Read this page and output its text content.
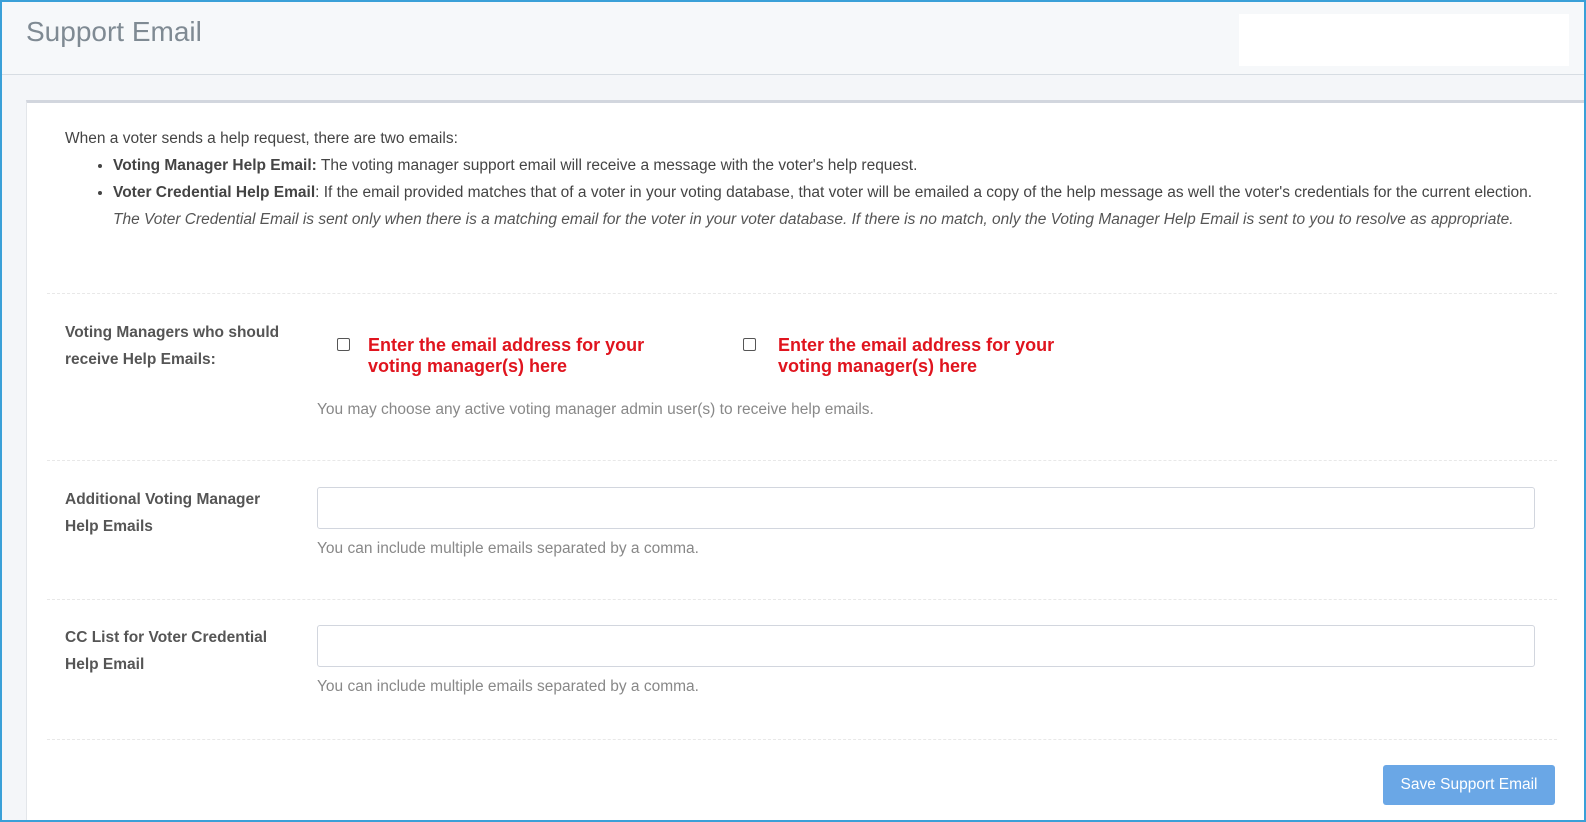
Support Email
When a voter sends a help request, there are two emails:
• Voting Manager Help Email: The voting manager support email will receive a message with the voter's help request.
• Voter Credential Help Email: If the email provided matches that of a voter in your voting database, that voter will be emailed a copy of the help message as well the voter's credentials for the current election. The Voter Credential Email is sent only when there is a matching email for the voter in your voter database. If there is no match, only the Voting Manager Help Email is sent to you to resolve as appropriate.
Voting Managers who should receive Help Emails:
Enter the email address for your voting manager(s) here
Enter the email address for your voting manager(s) here
You may choose any active voting manager admin user(s) to receive help emails.
Additional Voting Manager Help Emails
You can include multiple emails separated by a comma.
CC List for Voter Credential Help Email
You can include multiple emails separated by a comma.
Save Support Email
